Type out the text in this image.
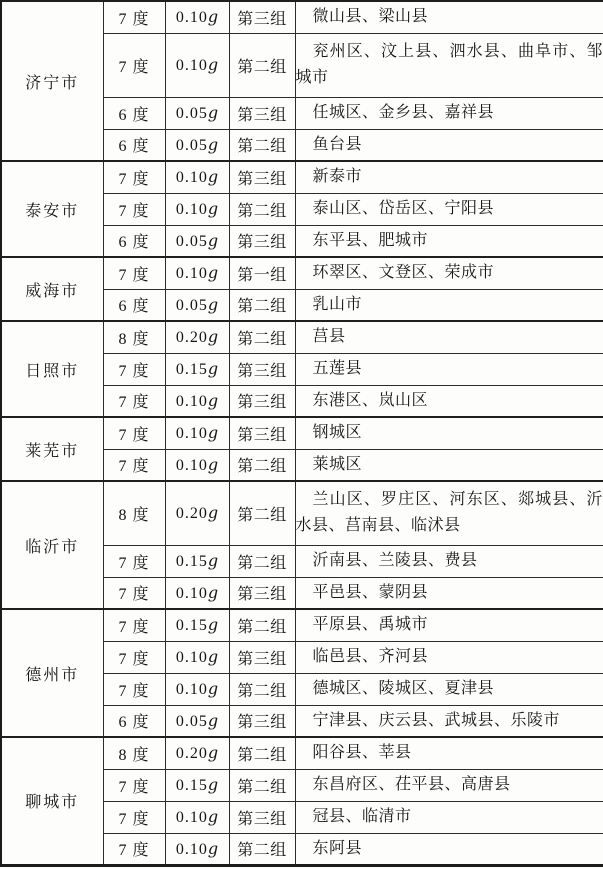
济宁市	7 度	0.10g	第三组	微山县、梁山县
	7 度	0.10g	第二组	兖州区、汶上县、泗水县、曲阜市、邹城市
	6 度	0.05g	第三组	任城区、金乡县、嘉祥县
	6 度	0.05g	第二组	鱼台县
泰安市	7 度	0.10g	第三组	新泰市
	7 度	0.10g	第二组	泰山区、岱岳区、宁阳县
	6 度	0.05g	第三组	东平县、肥城市
威海市	7 度	0.10g	第一组	环翠区、文登区、荣成市
	6 度	0.05g	第二组	乳山市
日照市	8 度	0.20g	第二组	莒县
	7 度	0.15g	第三组	五莲县
	7 度	0.10g	第三组	东港区、岚山区
莱芜市	7 度	0.10g	第三组	钢城区
	7 度	0.10g	第二组	莱城区
临沂市	8 度	0.20g	第二组	兰山区、罗庄区、河东区、郯城县、沂水县、莒南县、临沭县
	7 度	0.15g	第二组	沂南县、兰陵县、费县
	7 度	0.10g	第三组	平邑县、蒙阴县
德州市	7 度	0.15g	第二组	平原县、禹城市
	7 度	0.10g	第三组	临邑县、齐河县
	7 度	0.10g	第二组	德城区、陵城区、夏津县
	6 度	0.05g	第三组	宁津县、庆云县、武城县、乐陵市
聊城市	8 度	0.20g	第二组	阳谷县、莘县
	7 度	0.15g	第二组	东昌府区、茌平县、高唐县
	7 度	0.10g	第三组	冠县、临清市
	7 度	0.10g	第二组	东阿县
